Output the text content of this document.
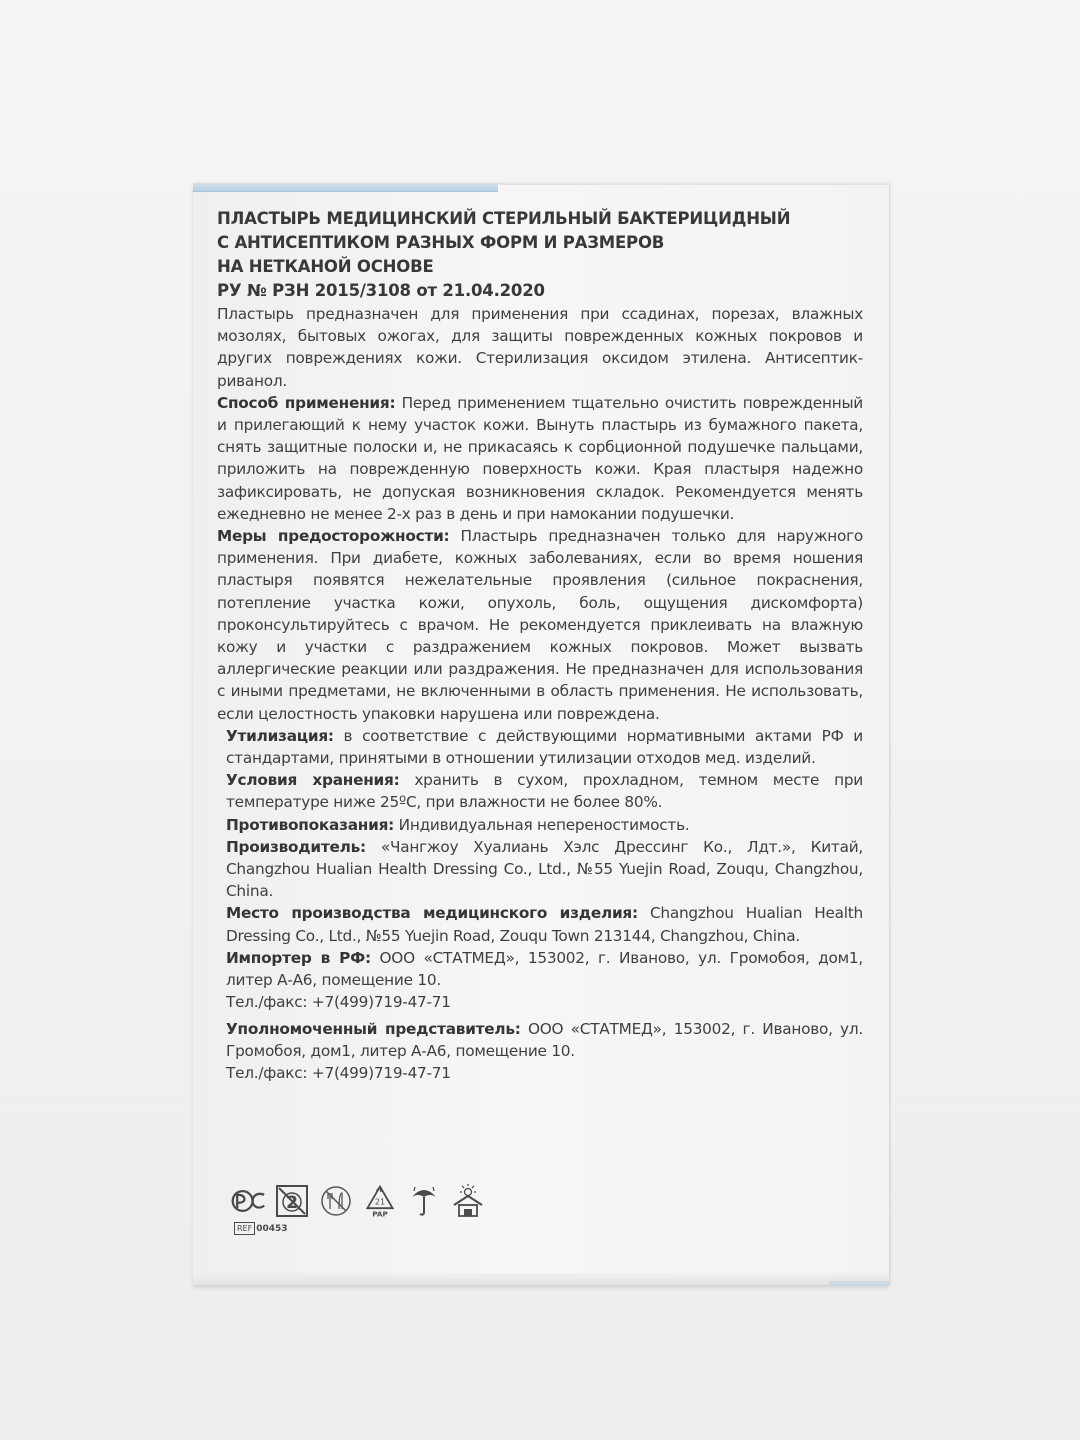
ПЛАСТЫРЬ МЕДИЦИНСКИЙ СТЕРИЛЬНЫЙ БАКТЕРИЦИДНЫЙ
С АНТИСЕПТИКОМ РАЗНЫХ ФОРМ И РАЗМЕРОВ
НА НЕТКАНОЙ ОСНОВЕ
РУ № РЗН 2015/3108 от 21.04.2020

Пластырь предназначен для применения при ссадинах, порезах, влажных мозолях, бытовых ожогах, для защиты поврежденных кожных покровов и других повреждениях кожи. Стерилизация оксидом этилена. Антисептик-риванол.

Способ применения: Перед применением тщательно очистить поврежденный и прилегающий к нему участок кожи. Вынуть пластырь из бумажного пакета, снять защитные полоски и, не прикасаясь к сорбционной подушечке пальцами, приложить на поврежденную поверхность кожи. Края пластыря надежно зафиксировать, не допуская возникновения складок. Рекомендуется менять ежедневно не менее 2-х раз в день и при намокании подушечки.

Меры предосторожности: Пластырь предназначен только для наружного применения. При диабете, кожных заболеваниях, если во время ношения пластыря появятся нежелательные проявления (сильное покраснения, потепление участка кожи, опухоль, боль, ощущения дискомфорта) проконсультируйтесь с врачом. Не рекомендуется приклеивать на влажную кожу и участки с раздражением кожных покровов. Может вызвать аллергические реакции или раздражения. Не предназначен для использования с иными предметами, не включенными в область применения. Не использовать, если целостность упаковки нарушена или повреждена.

Утилизация: в соответствие с действующими нормативными актами РФ и стандартами, принятыми в отношении утилизации отходов мед. изделий.

Условия хранения: хранить в сухом, прохладном, темном месте при температуре ниже 25ºC, при влажности не более 80%.

Противопоказания: Индивидуальная непереностимость.

Производитель: «Чангжоу Хуалиань Хэлс Дрессинг Ко., Лдт.», Китай, Changzhou Hualian Health Dressing Co., Ltd., №55 Yuejin Road, Zouqu, Changzhou, China.

Место производства медицинского изделия: Changzhou Hualian Health Dressing Co., Ltd., №55 Yuejin Road, Zouqu Town 213144, Changzhou, China.

Импортер в РФ: ООО «СТАТМЕД», 153002, г. Иваново, ул. Громобоя, дом1, литер А-А6, помещение 10.

Тел./факс: +7(499)719-47-71

Уполномоченный представитель: ООО «СТАТМЕД», 153002, г. Иваново, ул. Громобоя, дом1, литер А-А6, помещение 10.

Тел./факс: +7(499)719-47-71

2	21
PAP
REF 00453
